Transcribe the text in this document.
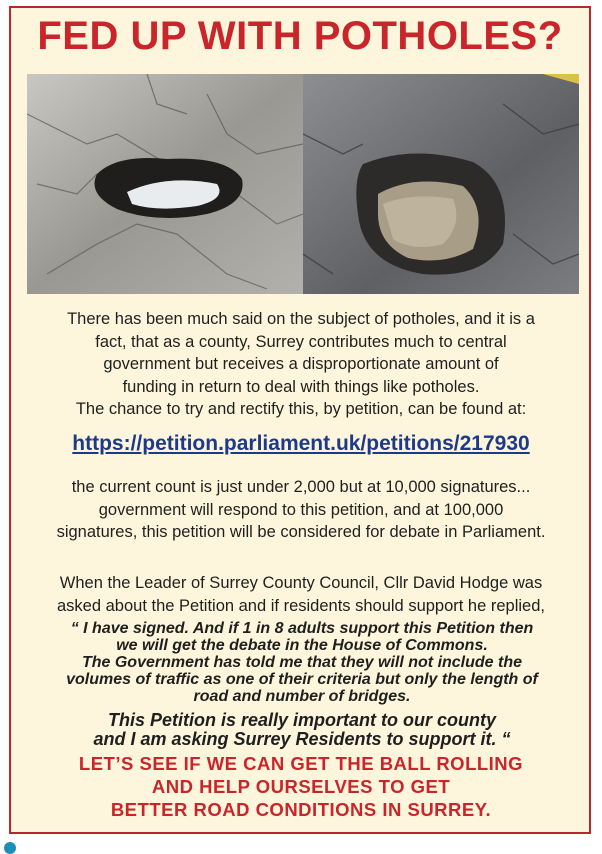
FED UP WITH POTHOLES?
There has been much said on the subject of potholes, and it is a
fact, that as a county, Surrey contributes much to central
government but receives a disproportionate amount of
funding in return to deal with things like potholes.
The chance to try and rectify this, by petition, can be found at:
https://petition.parliament.uk/petitions/217930
the current count is just under 2,000 but at 10,000 signatures...
government will respond to this petition, and at 100,000
signatures, this petition will be considered for debate in Parliament.
When the Leader of Surrey County Council, Cllr David Hodge was
asked about the Petition and if residents should support he replied,
“ I have signed. And if 1 in 8 adults support this Petition then
we will get the debate in the House of Commons.
The Government has told me that they will not include the
volumes of traffic as one of their criteria but only the length of
road and number of bridges.
This Petition is really important to our county
and I am asking Surrey Residents to support it. “
LET’S SEE IF WE CAN GET THE BALL ROLLING
AND HELP OURSELVES TO GET
BETTER ROAD CONDITIONS IN SURREY.
